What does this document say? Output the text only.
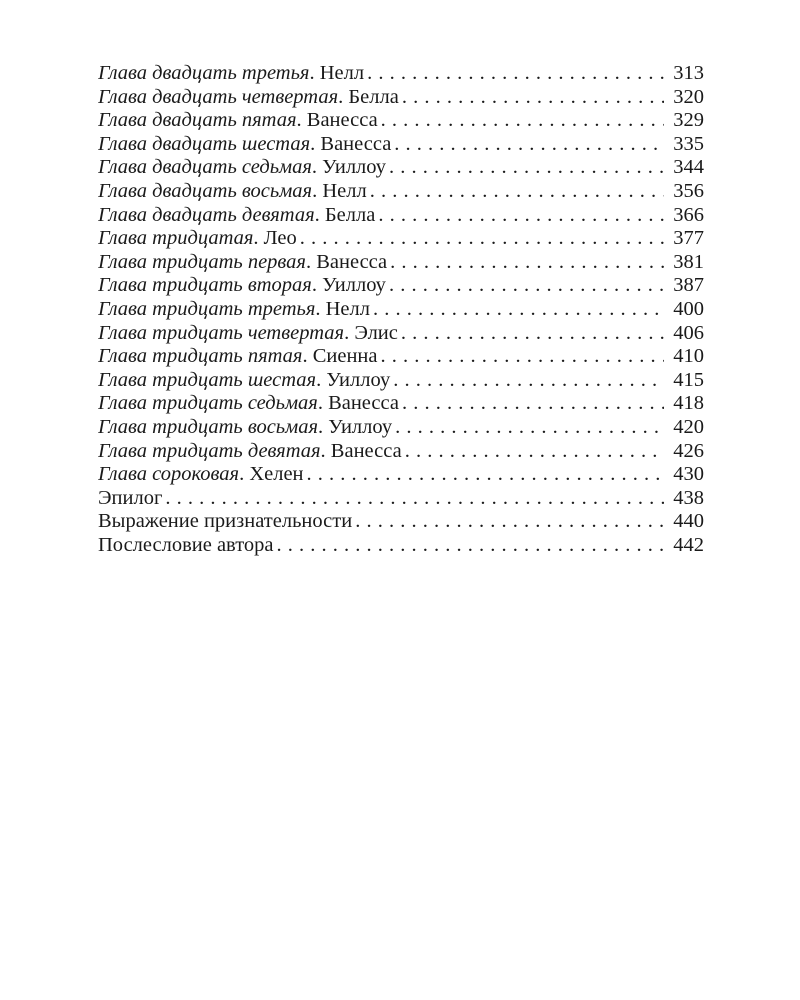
Глава двадцать третья. Нелл . . .	313
Глава двадцать четвертая. Белла . . .	320
Глава двадцать пятая. Ванесса . . .	329
Глава двадцать шестая. Ванесса . . .	335
Глава двадцать седьмая. Уиллоу . . .	344
Глава двадцать восьмая. Нелл . . .	356
Глава двадцать девятая. Белла . . .	366
Глава тридцатая. Лео . . .	377
Глава тридцать первая. Ванесса . . .	381
Глава тридцать вторая. Уиллоу . . .	387
Глава тридцать третья. Нелл . . .	400
Глава тридцать четвертая. Элис . . .	406
Глава тридцать пятая. Сиенна . . .	410
Глава тридцать шестая. Уиллоу . . .	415
Глава тридцать седьмая. Ванесса . . .	418
Глава тридцать восьмая. Уиллоу . . .	420
Глава тридцать девятая. Ванесса . . .	426
Глава сороковая. Хелен . . .	430
Эпилог . . .	438
Выражение признательности . . .	440
Послесловие автора . . .	442
